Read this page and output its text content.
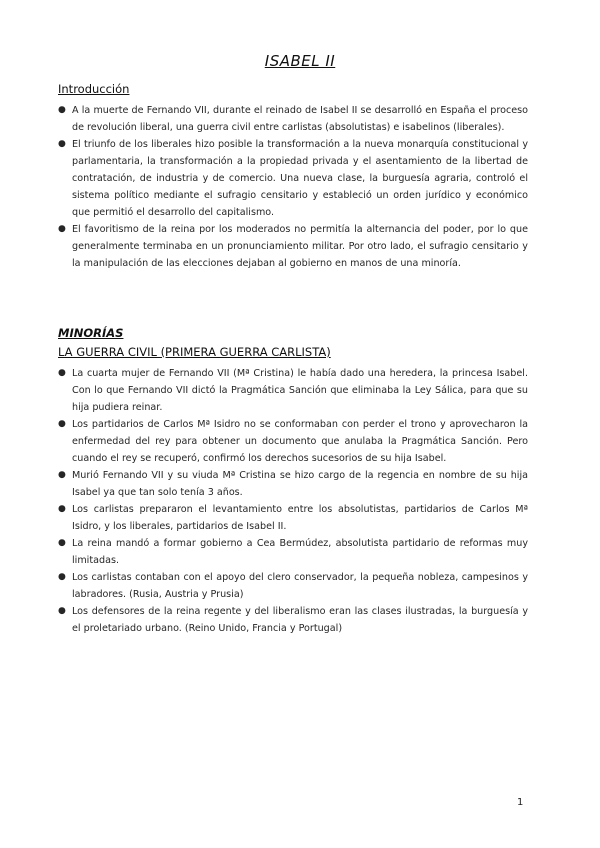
ISABEL II

Introducción

● A la muerte de Fernando VII, durante el reinado de Isabel II se desarrolló en España el proceso de revolución liberal, una guerra civil entre carlistas (absolutistas) e isabelinos (liberales).
● El triunfo de los liberales hizo posible la transformación a la nueva monarquía constitucional y parlamentaria, la transformación a la propiedad privada y el asentamiento de la libertad de contratación, de industria y de comercio. Una nueva clase, la burguesía agraria, controló el sistema político mediante el sufragio censitario y estableció un orden jurídico y económico que permitió el desarrollo del capitalismo.
● El favoritismo de la reina por los moderados no permitía la alternancia del poder, por lo que generalmente terminaba en un pronunciamiento militar. Por otro lado, el sufragio censitario y la manipulación de las elecciones dejaban al gobierno en manos de una minoría.

MINORÍAS

LA GUERRA CIVIL (PRIMERA GUERRA CARLISTA)

● La cuarta mujer de Fernando VII (Mª Cristina) le había dado una heredera, la princesa Isabel. Con lo que Fernando VII dictó la Pragmática Sanción que eliminaba la Ley Sálica, para que su hija pudiera reinar.
● Los partidarios de Carlos Mª Isidro no se conformaban con perder el trono y aprovecharon la enfermedad del rey para obtener un documento que anulaba la Pragmática Sanción. Pero cuando el rey se recuperó, confirmó los derechos sucesorios de su hija Isabel.
● Murió Fernando VII y su viuda Mª Cristina se hizo cargo de la regencia en nombre de su hija Isabel ya que tan solo tenía 3 años.
● Los carlistas prepararon el levantamiento entre los absolutistas, partidarios de Carlos Mª Isidro, y los liberales, partidarios de Isabel II.
● La reina mandó a formar gobierno a Cea Bermúdez, absolutista partidario de reformas muy limitadas.
● Los carlistas contaban con el apoyo del clero conservador, la pequeña nobleza, campesinos y labradores. (Rusia, Austria y Prusia)
● Los defensores de la reina regente y del liberalismo eran las clases ilustradas, la burguesía y el proletariado urbano. (Reino Unido, Francia y Portugal)
1
